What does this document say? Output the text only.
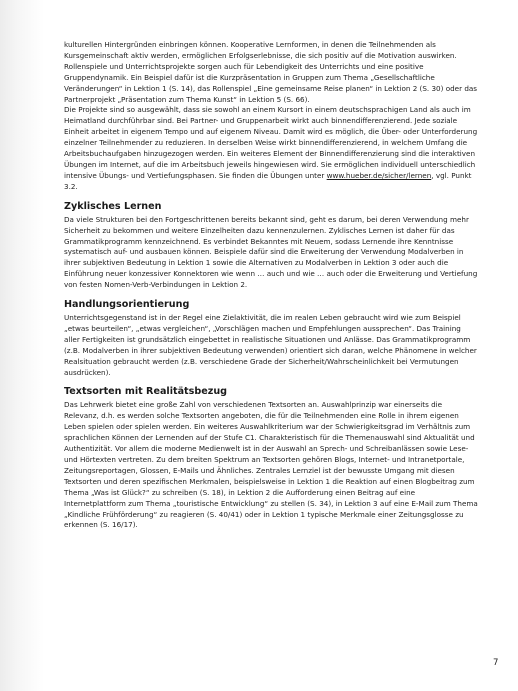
kulturellen Hintergründen einbringen können. Kooperative Lernformen, in denen die Teilnehmenden als Kursgemeinschaft aktiv werden, ermöglichen Erfolgserlebnisse, die sich positiv auf die Motivation auswirken. Rollenspiele und Unterrichtsprojekte sorgen auch für Lebendigkeit des Unterrichts und eine positive Gruppendynamik. Ein Beispiel dafür ist die Kurzpräsentation in Gruppen zum Thema „Gesellschaftliche Veränderungen“ in Lektion 1 (S. 14), das Rollenspiel „Eine gemeinsame Reise planen“ in Lektion 2 (S. 30) oder das Partnerprojekt „Präsentation zum Thema Kunst“ in Lektion 5 (S. 66).

Die Projekte sind so ausgewählt, dass sie sowohl an einem Kursort in einem deutschsprachigen Land als auch im Heimatland durchführbar sind. Bei Partner- und Gruppenarbeit wirkt auch binnendifferenzierend. Jede soziale Einheit arbeitet in eigenem Tempo und auf eigenem Niveau. Damit wird es möglich, die Über- oder Unterforderung einzelner Teilnehmender zu reduzieren. In derselben Weise wirkt binnendifferenzierend, in welchem Umfang die Arbeitsbuchaufgaben hinzugezogen werden. Ein weiteres Element der Binnendifferenzierung sind die interaktiven Übungen im Internet, auf die im Arbeitsbuch jeweils hingewiesen wird. Sie ermöglichen individuell unterschiedlich intensive Übungs- und Vertiefungsphasen. Sie finden die Übungen unter www.hueber.de/sicher/lernen, vgl. Punkt 3.2.

Zyklisches Lernen

Da viele Strukturen bei den Fortgeschrittenen bereits bekannt sind, geht es darum, bei deren Verwendung mehr Sicherheit zu bekommen und weitere Einzelheiten dazu kennenzulernen. Zyklisches Lernen ist daher für das Grammatikprogramm kennzeichnend. Es verbindet Bekanntes mit Neuem, sodass Lernende ihre Kenntnisse systematisch auf- und ausbauen können. Beispiele dafür sind die Erweiterung der Verwendung Modalverben in ihrer subjektiven Bedeutung in Lektion 1 sowie die Alternativen zu Modalverben in Lektion 3 oder auch die Einführung neuer konzessiver Konnektoren wie wenn … auch und wie … auch oder die Erweiterung und Vertiefung von festen Nomen-Verb-Verbindungen in Lektion 2.

Handlungsorientierung

Unterrichtsgegenstand ist in der Regel eine Zielaktivität, die im realen Leben gebraucht wird wie zum Beispiel „etwas beurteilen“, „etwas vergleichen“, „Vorschlägen machen und Empfehlungen aussprechen“. Das Training aller Fertigkeiten ist grundsätzlich eingebettet in realistische Situationen und Anlässe. Das Grammatikprogramm (z.B. Modalverben in ihrer subjektiven Bedeutung verwenden) orientiert sich daran, welche Phänomene in welcher Realsituation gebraucht werden (z.B. verschiedene Grade der Sicherheit/Wahrscheinlichkeit bei Vermutungen ausdrücken).

Textsorten mit Realitätsbezug

Das Lehrwerk bietet eine große Zahl von verschiedenen Textsorten an. Auswahlprinzip war einerseits die Relevanz, d.h. es werden solche Textsorten angeboten, die für die Teilnehmenden eine Rolle in ihrem eigenen Leben spielen oder spielen werden. Ein weiteres Auswahlkriterium war der Schwierigkeitsgrad im Verhältnis zum sprachlichen Können der Lernenden auf der Stufe C1. Charakteristisch für die Themenauswahl sind Aktualität und Authentizität. Vor allem die moderne Medienwelt ist in der Auswahl an Sprech- und Schreibanlässen sowie Lese- und Hörtexten vertreten. Zu dem breiten Spektrum an Textsorten gehören Blogs, Internet- und Intranetportale, Zeitungsreportagen, Glossen, E-Mails und Ähnliches. Zentrales Lernziel ist der bewusste Umgang mit diesen Textsorten und deren spezifischen Merkmalen, beispielsweise in Lektion 1 die Reaktion auf einen Blogbeitrag zum Thema „Was ist Glück?“ zu schreiben (S. 18), in Lektion 2 die Aufforderung einen Beitrag auf eine Internetplattform zum Thema „touristische Entwicklung“ zu stellen (S. 34), in Lektion 3 auf eine E-Mail zum Thema „Kindliche Frühförderung“ zu reagieren (S. 40/41) oder in Lektion 1 typische Merkmale einer Zeitungsglosse zu erkennen (S. 16/17).

7
